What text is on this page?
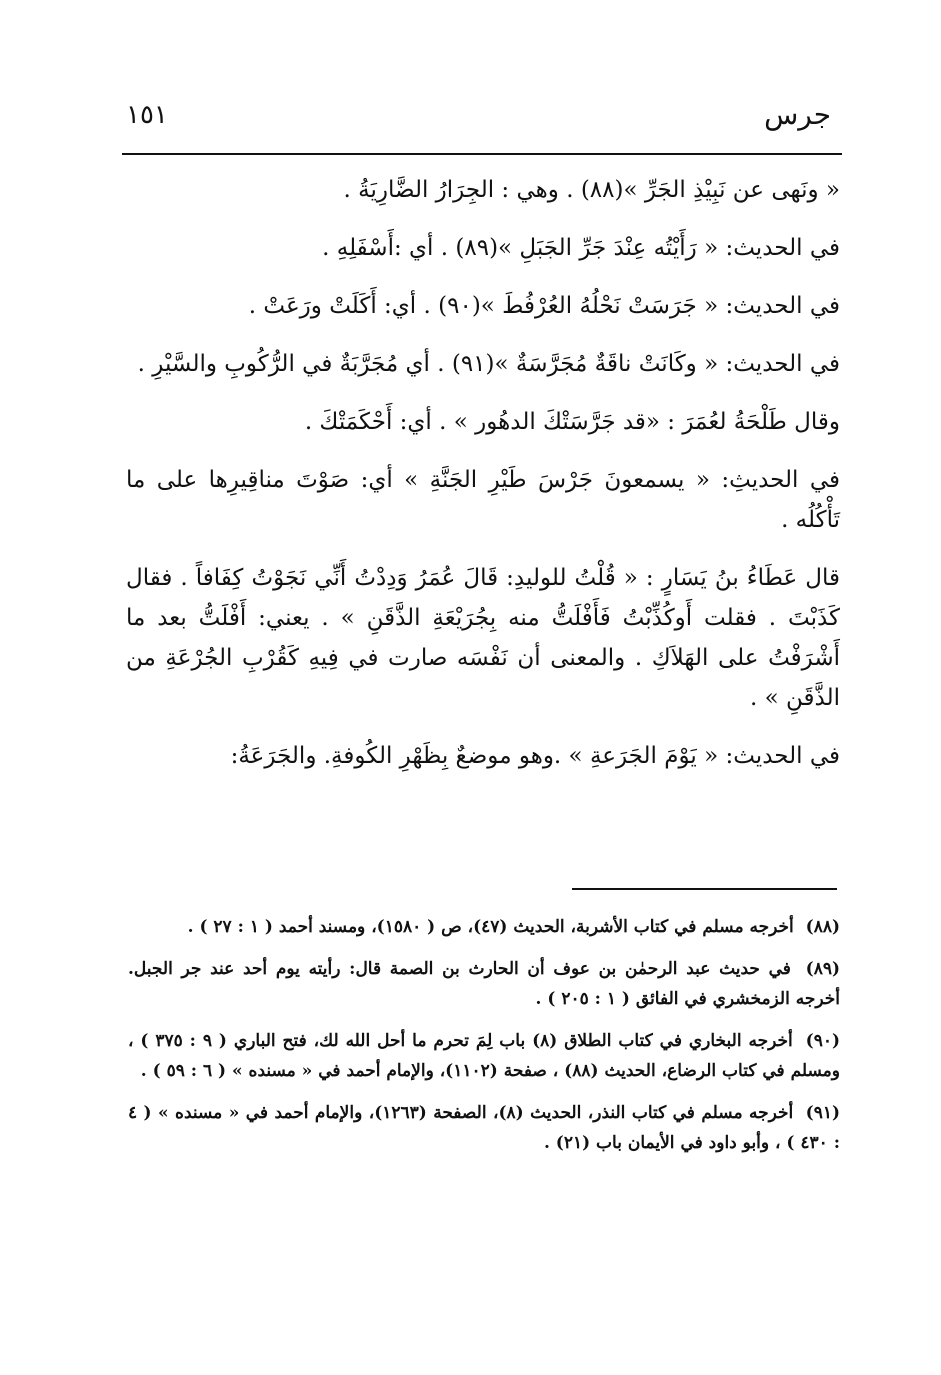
جرس
١٥١

« ونَهى عن نَبِيْذِ الجَرِّ »(٨٨) . وهي : الجِرَارُ الضَّارِيَةُ .

في الحديث: « رَأَيْتُه عِنْدَ جَرِّ الجَبَلِ »(٨٩) . أي :أَسْفَلِهِ .

في الحديث: « جَرَسَتْ نَحْلُهُ العُرْفُطَ »(٩٠) . أي: أَكَلَتْ ورَعَتْ .

في الحديث: « وكَانَتْ ناقَةٌ مُجَرَّسَةٌ »(٩١) . أي مُجَرَّبَةٌ في الرُّكُوبِ والسَّيْرِ .

وقال طَلْحَةُ لعُمَرَ : «قد جَرَّسَتْكَ الدهُور » . أي: أَحْكَمَتْكَ .

في الحديثِ: « يسمعونَ جَرْسَ طَيْرِ الجَنَّةِ » أي: صَوْتَ مناقِيرِها على ما تَأْكُلُه .

قال عَطَاءُ بنُ يَسَارٍ : « قُلْتُ للوليدِ: قَالَ عُمَرُ وَدِدْتُ أَنِّي نَجَوْتُ كِفَافاً . فقال كَذَبْتَ . فقلت أَوكُذِّبْتُ فَأَفْلَتُّ منه بِجُرَيْعَةِ الذَّقَنِ » . يعني: أَفْلَتُّ بعد ما أَشْرَفْتُ على الهَلاَكِ . والمعنى أن نَفْسَه صارت في فِيهِ كَقُرْبِ الجُرْعَةِ من الذَّقَنِ » .

في الحديث: « يَوْمَ الجَرَعةِ » .وهو موضعٌ بِظَهْرِ الكُوفةِ. والجَرَعَةُ:

(٨٨) أخرجه مسلم في كتاب الأشربة، الحديث (٤٧)، ص ( ١٥٨٠)، ومسند أحمد ( ١ : ٢٧ ) .

(٨٩) في حديث عبد الرحمٰن بن عوف أن الحارث بن الصمة قال: رأيته يوم أحد عند جر الجبل. أخرجه الزمخشري في الفائق ( ١ : ٢٠٥ ) .

(٩٠) أخرجه البخاري في كتاب الطلاق (٨) باب لِمَ تحرم ما أحل الله لك، فتح الباري ( ٩ : ٣٧٥ ) ، ومسلم في كتاب الرضاع، الحديث (٨٨) ، صفحة (١١٠٢)، والإمام أحمد في « مسنده » ( ٦ : ٥٩ ) .

(٩١) أخرجه مسلم في كتاب النذر، الحديث (٨)، الصفحة (١٢٦٣)، والإمام أحمد في « مسنده » ( ٤ : ٤٣٠ ) ، وأبو داود في الأيمان باب (٢١) .
